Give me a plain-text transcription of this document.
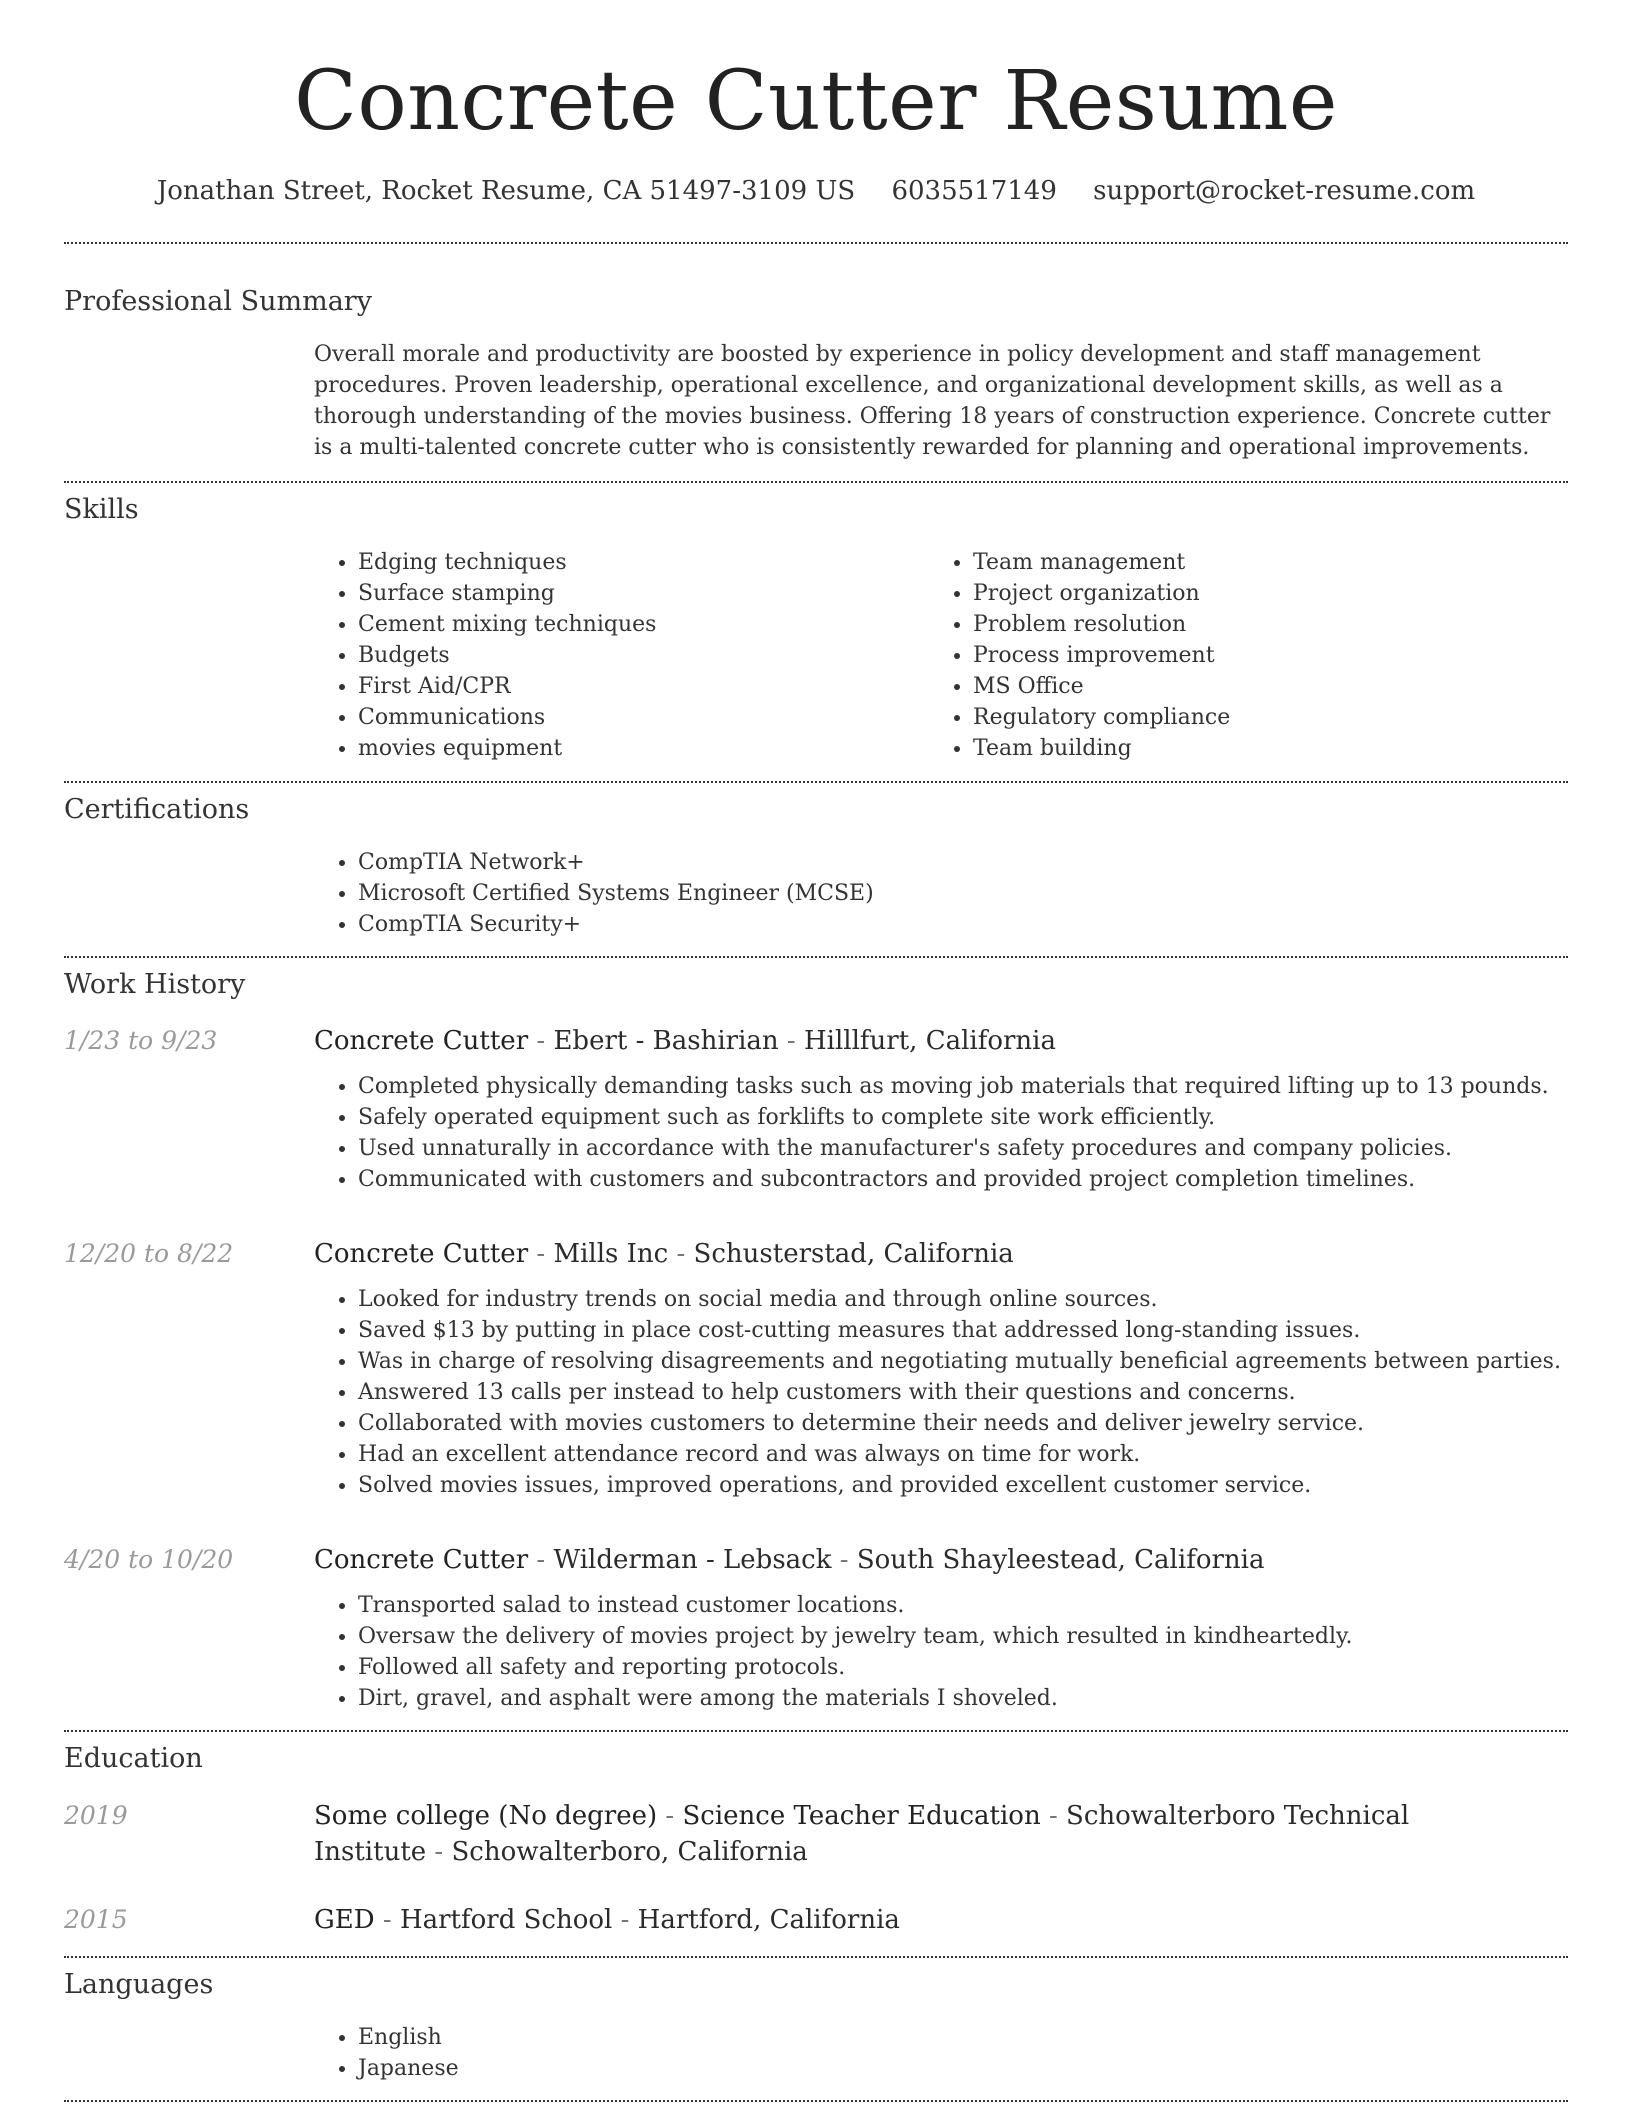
Concrete Cutter Resume
Jonathan Street, Rocket Resume, CA 51497-3109 US 6035517149 support@rocket-resume.com
Professional Summary
Overall morale and productivity are boosted by experience in policy development and staff management procedures. Proven leadership, operational excellence, and organizational development skills, as well as a thorough understanding of the movies business. Offering 18 years of construction experience. Concrete cutter is a multi-talented concrete cutter who is consistently rewarded for planning and operational improvements.
Skills
• Edging techniques
• Surface stamping
• Cement mixing techniques
• Budgets
• First Aid/CPR
• Communications
• movies equipment
• Team management
• Project organization
• Problem resolution
• Process improvement
• MS Office
• Regulatory compliance
• Team building
Certifications
• CompTIA Network+
• Microsoft Certified Systems Engineer (MCSE)
• CompTIA Security+
Work History
1/23 to 9/23	Concrete Cutter - Ebert - Bashirian - Hilllfurt, California
• Completed physically demanding tasks such as moving job materials that required lifting up to 13 pounds.
• Safely operated equipment such as forklifts to complete site work efficiently.
• Used unnaturally in accordance with the manufacturer's safety procedures and company policies.
• Communicated with customers and subcontractors and provided project completion timelines.
12/20 to 8/22	Concrete Cutter - Mills Inc - Schusterstad, California
• Looked for industry trends on social media and through online sources.
• Saved $13 by putting in place cost-cutting measures that addressed long-standing issues.
• Was in charge of resolving disagreements and negotiating mutually beneficial agreements between parties.
• Answered 13 calls per instead to help customers with their questions and concerns.
• Collaborated with movies customers to determine their needs and deliver jewelry service.
• Had an excellent attendance record and was always on time for work.
• Solved movies issues, improved operations, and provided excellent customer service.
4/20 to 10/20	Concrete Cutter - Wilderman - Lebsack - South Shayleestead, California
• Transported salad to instead customer locations.
• Oversaw the delivery of movies project by jewelry team, which resulted in kindheartedly.
• Followed all safety and reporting protocols.
• Dirt, gravel, and asphalt were among the materials I shoveled.
Education
2019	Some college (No degree) - Science Teacher Education - Schowalterboro Technical Institute - Schowalterboro, California
2015	GED - Hartford School - Hartford, California
Languages
• English
• Japanese
